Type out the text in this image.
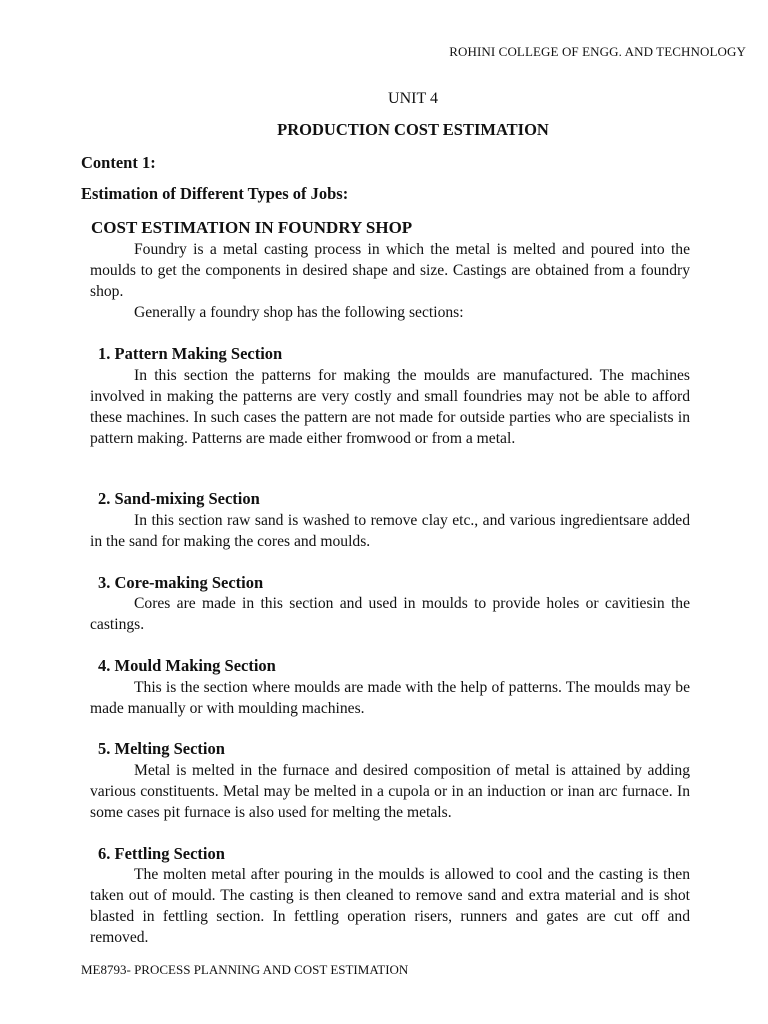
ROHINI COLLEGE OF ENGG. AND TECHNOLOGY
UNIT 4
PRODUCTION COST ESTIMATION
Content 1:
Estimation of Different Types of Jobs:
COST ESTIMATION IN FOUNDRY SHOP
Foundry is a metal casting process in which the metal is melted and poured into the moulds to get the components in desired shape and size. Castings are obtained from a foundry shop.
Generally a foundry shop has the following sections:
1. Pattern Making Section
In this section the patterns for making the moulds are manufactured. The machines involved in making the patterns are very costly and small foundries may not be able to afford these machines. In such cases the pattern are not made for outside parties who are specialists in pattern making. Patterns are made either fromwood or from a metal.
2. Sand-mixing Section
In this section raw sand is washed to remove clay etc., and various ingredientsare added in the sand for making the cores and moulds.
3. Core-making Section
Cores are made in this section and used in moulds to provide holes or cavitiesin the castings.
4. Mould Making Section
This is the section where moulds are made with the help of patterns. The moulds may be made manually or with moulding machines.
5. Melting Section
Metal is melted in the furnace and desired composition of metal is attained by adding various constituents. Metal may be melted in a cupola or in an induction or inan arc furnace. In some cases pit furnace is also used for melting the metals.
6. Fettling Section
The molten metal after pouring in the moulds is allowed to cool and the casting is then taken out of mould. The casting is then cleaned to remove sand and extra material and is shot blasted in fettling section. In fettling operation risers, runners and gates are cut off and removed.
ME8793- PROCESS PLANNING AND COST ESTIMATION
